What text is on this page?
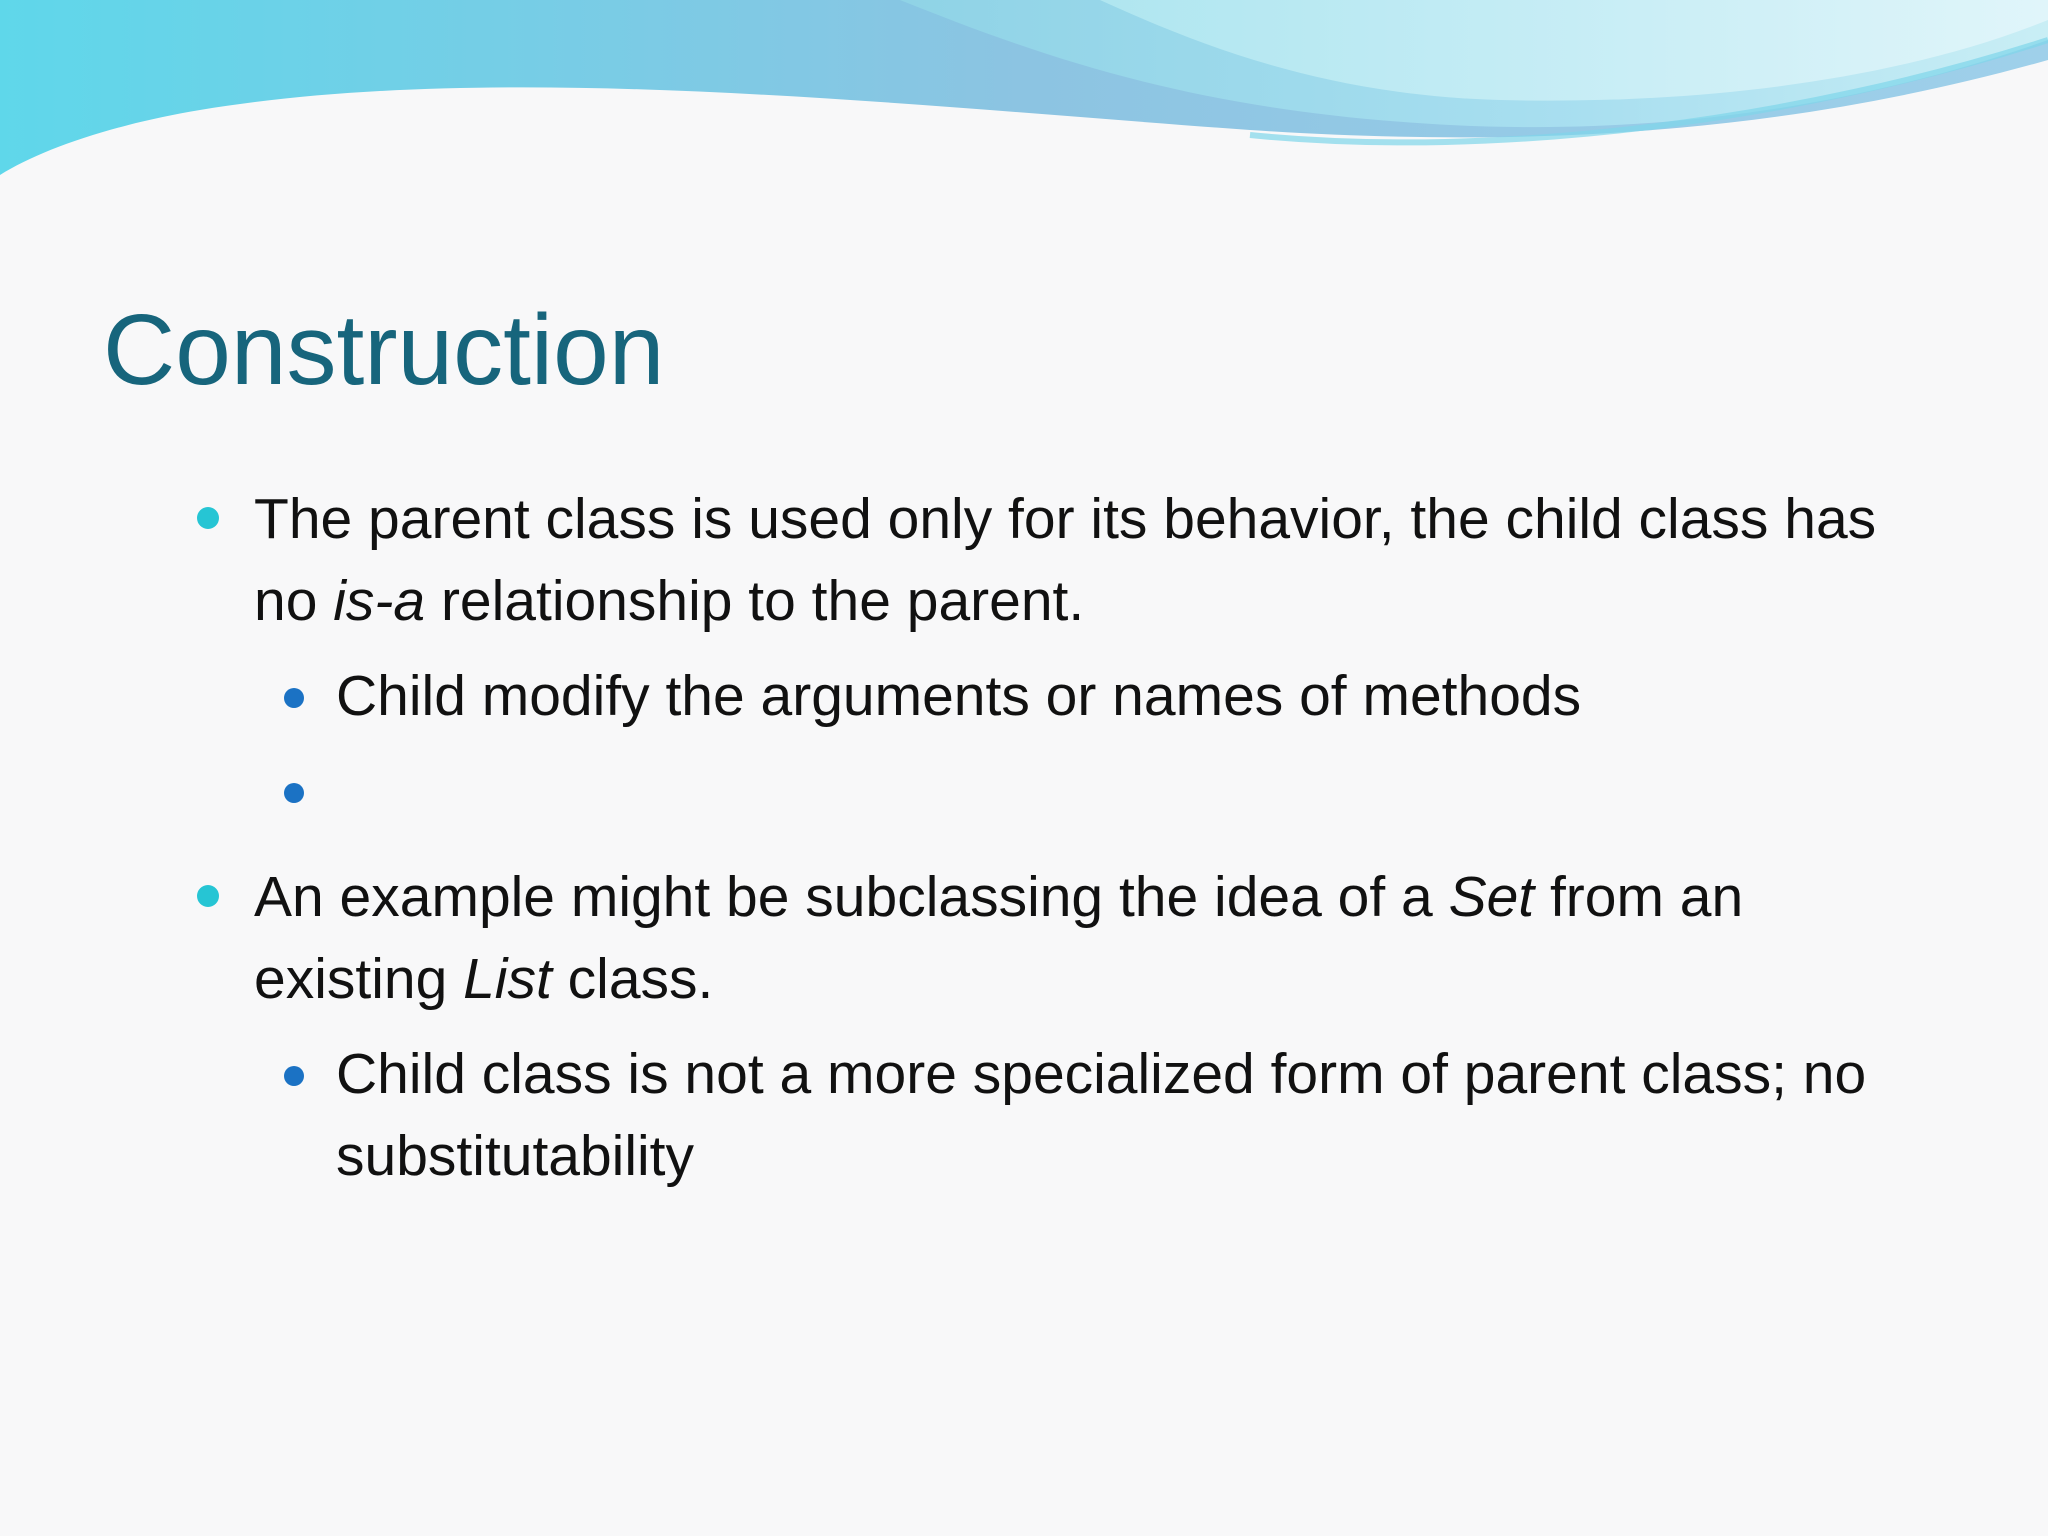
Construction
The parent class is used only for its behavior, the child class has no is-a relationship to the parent.
Child modify the arguments or names of methods
An example might be subclassing the idea of a Set from an existing List class.
Child class is not a more specialized form of parent class; no substitutability
